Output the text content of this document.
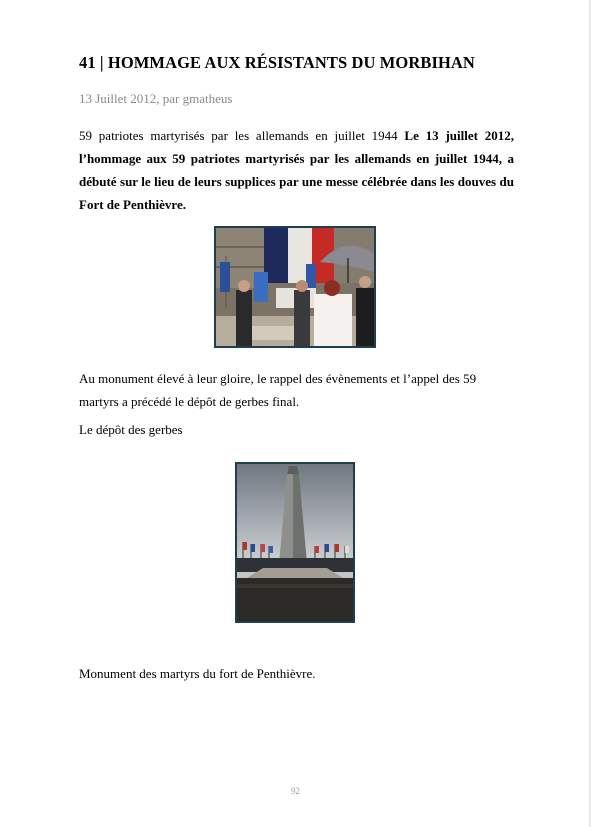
41 | HOMMAGE AUX RÉSISTANTS DU MORBIHAN
13 Juillet 2012, par gmatheus

59 patriotes martyrisés par les allemands en juillet 1944 Le 13 juillet 2012, l’hommage aux 59 patriotes martyrisés par les allemands en juillet 1944, a débuté sur le lieu de leurs supplices par une messe célébrée dans les douves du Fort de Penthièvre.

Au monument élevé à leur gloire, le rappel des évènements et l’appel des 59 martyrs a précédé le dépôt de gerbes final.

Le dépôt des gerbes

Monument des martyrs du fort de Penthièvre.

92
